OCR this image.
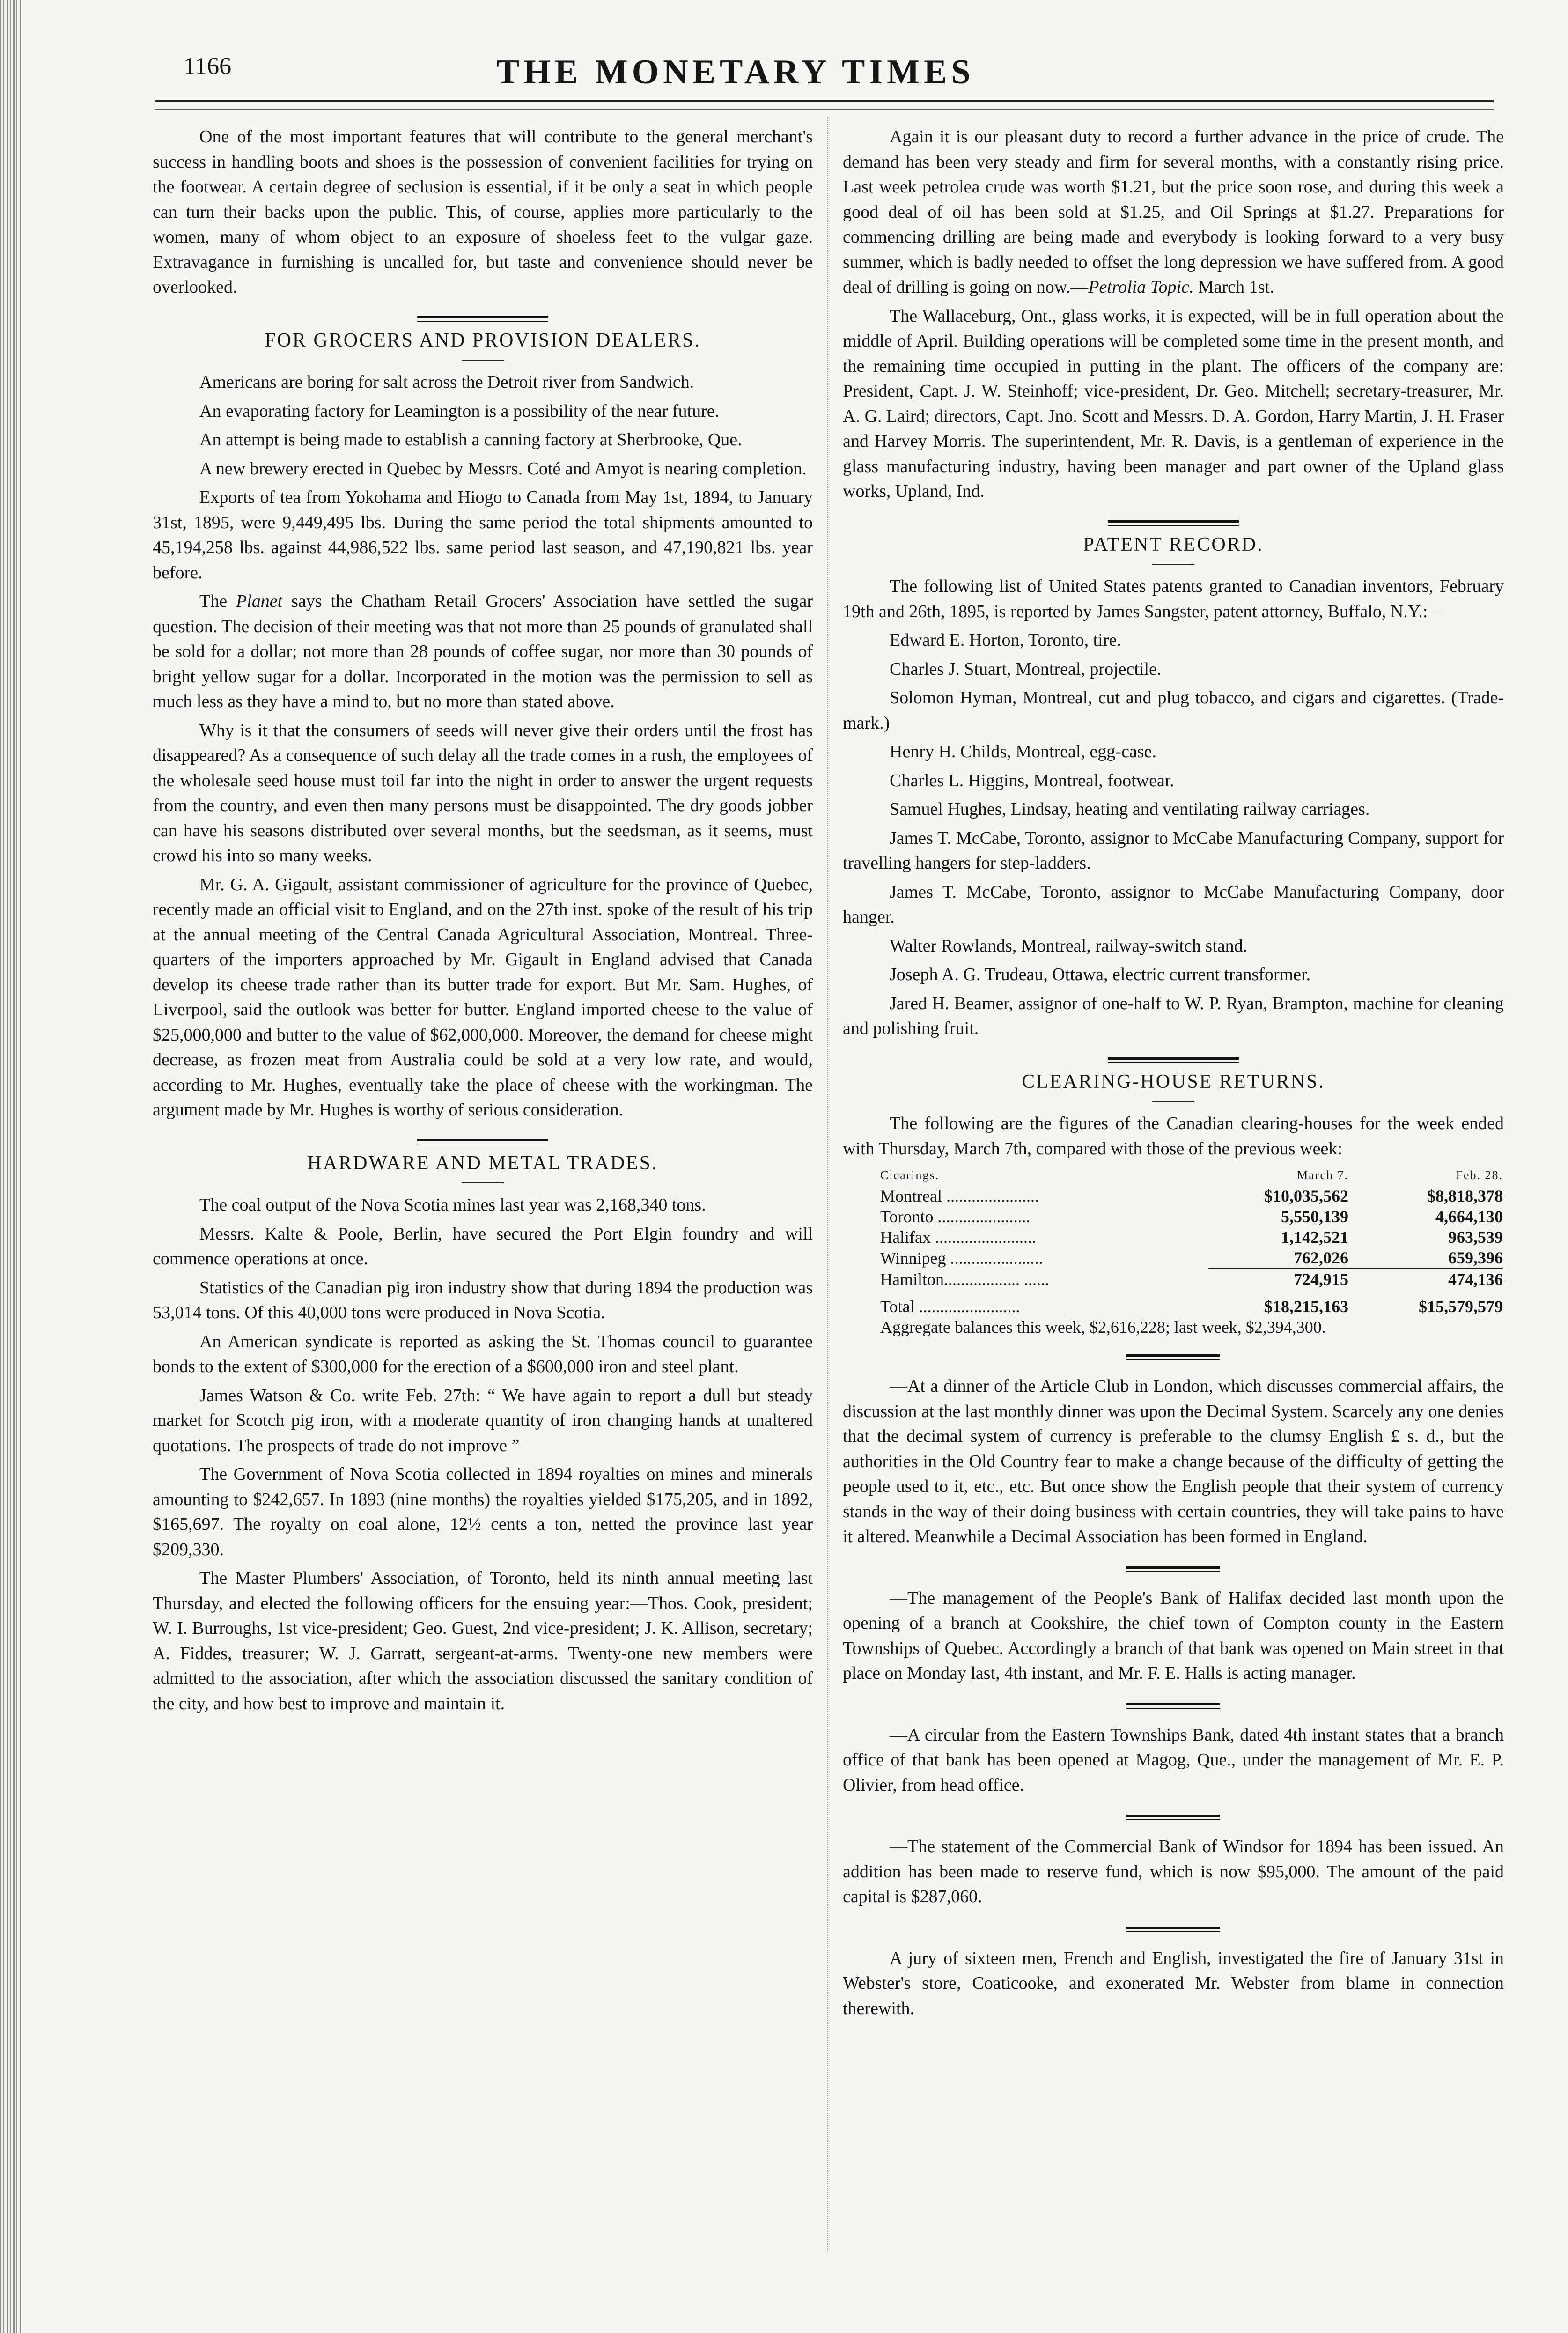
1166	THE MONETARY TIMES

One of the most important features that will contribute to the general merchant's success in handling boots and shoes is the possession of convenient facilities for trying on the footwear. A certain degree of seclusion is essential, if it be only a seat in which people can turn their backs upon the public. This, of course, applies more particularly to the women, many of whom object to an exposure of shoeless feet to the vulgar gaze. Extravagance in furnishing is uncalled for, but taste and convenience should never be overlooked.

FOR GROCERS AND PROVISION DEALERS.

Americans are boring for salt across the Detroit river from Sandwich.

An evaporating factory for Leamington is a possibility of the near future.

An attempt is being made to establish a canning factory at Sherbrooke, Que.

A new brewery erected in Quebec by Messrs. Coté and Amyot is nearing completion.

Exports of tea from Yokohama and Hiogo to Canada from May 1st, 1894, to January 31st, 1895, were 9,449,495 lbs. During the same period the total shipments amounted to 45,194,258 lbs. against 44,986,522 lbs. same period last season, and 47,190,821 lbs. year before.

The Planet says the Chatham Retail Grocers' Association have settled the sugar question. The decision of their meeting was that not more than 25 pounds of granulated shall be sold for a dollar; not more than 28 pounds of coffee sugar, nor more than 30 pounds of bright yellow sugar for a dollar. Incorporated in the motion was the permission to sell as much less as they have a mind to, but no more than stated above.

Why is it that the consumers of seeds will never give their orders until the frost has disappeared? As a consequence of such delay all the trade comes in a rush, the employees of the wholesale seed house must toil far into the night in order to answer the urgent requests from the country, and even then many persons must be disappointed. The dry goods jobber can have his seasons distributed over several months, but the seedsman, as it seems, must crowd his into so many weeks.

Mr. G. A. Gigault, assistant commissioner of agriculture for the province of Quebec, recently made an official visit to England, and on the 27th inst. spoke of the result of his trip at the annual meeting of the Central Canada Agricultural Association, Montreal. Three-quarters of the importers approached by Mr. Gigault in England advised that Canada develop its cheese trade rather than its butter trade for export. But Mr. Sam. Hughes, of Liverpool, said the outlook was better for butter. England imported cheese to the value of $25,000,000 and butter to the value of $62,000,000. Moreover, the demand for cheese might decrease, as frozen meat from Australia could be sold at a very low rate, and would, according to Mr. Hughes, eventually take the place of cheese with the workingman. The argument made by Mr. Hughes is worthy of serious consideration.

HARDWARE AND METAL TRADES.

The coal output of the Nova Scotia mines last year was 2,168,340 tons.

Messrs. Kalte & Poole, Berlin, have secured the Port Elgin foundry and will commence operations at once.

Statistics of the Canadian pig iron industry show that during 1894 the production was 53,014 tons. Of this 40,000 tons were produced in Nova Scotia.

An American syndicate is reported as asking the St. Thomas council to guarantee bonds to the extent of $300,000 for the erection of a $600,000 iron and steel plant.

James Watson & Co. write Feb. 27th: “ We have again to report a dull but steady market for Scotch pig iron, with a moderate quantity of iron changing hands at unaltered quotations. The prospects of trade do not improve ”

The Government of Nova Scotia collected in 1894 royalties on mines and minerals amounting to $242,657. In 1893 (nine months) the royalties yielded $175,205, and in 1892, $165,697. The royalty on coal alone, 12½ cents a ton, netted the province last year $209,330.

The Master Plumbers' Association, of Toronto, held its ninth annual meeting last Thursday, and elected the following officers for the ensuing year:—Thos. Cook, president; W. I. Burroughs, 1st vice-president; Geo. Guest, 2nd vice-president; J. K. Allison, secretary; A. Fiddes, treasurer; W. J. Garratt, sergeant-at-arms. Twenty-one new members were admitted to the association, after which the association discussed the sanitary condition of the city, and how best to improve and maintain it.

Again it is our pleasant duty to record a further advance in the price of crude. The demand has been very steady and firm for several months, with a constantly rising price. Last week petrolea crude was worth $1.21, but the price soon rose, and during this week a good deal of oil has been sold at $1.25, and Oil Springs at $1.27. Preparations for commencing drilling are being made and everybody is looking forward to a very busy summer, which is badly needed to offset the long depression we have suffered from. A good deal of drilling is going on now.—Petrolia Topic. March 1st.

The Wallaceburg, Ont., glass works, it is expected, will be in full operation about the middle of April. Building operations will be completed some time in the present month, and the remaining time occupied in putting in the plant. The officers of the company are: President, Capt. J. W. Steinhoff; vice-president, Dr. Geo. Mitchell; secretary-treasurer, Mr. A. G. Laird; directors, Capt. Jno. Scott and Messrs. D. A. Gordon, Harry Martin, J. H. Fraser and Harvey Morris. The superintendent, Mr. R. Davis, is a gentleman of experience in the glass manufacturing industry, having been manager and part owner of the Upland glass works, Upland, Ind.

PATENT RECORD.

The following list of United States patents granted to Canadian inventors, February 19th and 26th, 1895, is reported by James Sangster, patent attorney, Buffalo, N.Y.:—

Edward E. Horton, Toronto, tire.

Charles J. Stuart, Montreal, projectile.

Solomon Hyman, Montreal, cut and plug tobacco, and cigars and cigarettes. (Trade-mark.)

Henry H. Childs, Montreal, egg-case.

Charles L. Higgins, Montreal, footwear.

Samuel Hughes, Lindsay, heating and ventilating railway carriages.

James T. McCabe, Toronto, assignor to McCabe Manufacturing Company, support for travelling hangers for step-ladders.

James T. McCabe, Toronto, assignor to McCabe Manufacturing Company, door hanger.

Walter Rowlands, Montreal, railway-switch stand.

Joseph A. G. Trudeau, Ottawa, electric current transformer.

Jared H. Beamer, assignor of one-half to W. P. Ryan, Brampton, machine for cleaning and polishing fruit.

CLEARING-HOUSE RETURNS.

The following are the figures of the Canadian clearing-houses for the week ended with Thursday, March 7th, compared with those of the previous week:

Clearings.	March 7.	Feb. 28.
Montreal ......................	$10,035,562	$8,818,378
Toronto ......................	5,550,139	4,664,130
Halifax ........................	1,142,521	963,539
Winnipeg ......................	762,026	659,396
Hamilton.................. ......	724,915	474,136
Total ........................	$18,215,163	$15,579,579
Aggregate balances this week, $2,616,228; last week, $2,394,300.

—At a dinner of the Article Club in London, which discusses commercial affairs, the discussion at the last monthly dinner was upon the Decimal System. Scarcely any one denies that the decimal system of currency is preferable to the clumsy English £ s. d., but the authorities in the Old Country fear to make a change because of the difficulty of getting the people used to it, etc., etc. But once show the English people that their system of currency stands in the way of their doing business with certain countries, they will take pains to have it altered. Meanwhile a Decimal Association has been formed in England.

—The management of the People's Bank of Halifax decided last month upon the opening of a branch at Cookshire, the chief town of Compton county in the Eastern Townships of Quebec. Accordingly a branch of that bank was opened on Main street in that place on Monday last, 4th instant, and Mr. F. E. Halls is acting manager.

—A circular from the Eastern Townships Bank, dated 4th instant states that a branch office of that bank has been opened at Magog, Que., under the management of Mr. E. P. Olivier, from head office.

—The statement of the Commercial Bank of Windsor for 1894 has been issued. An addition has been made to reserve fund, which is now $95,000. The amount of the paid capital is $287,060.

A jury of sixteen men, French and English, investigated the fire of January 31st in Webster's store, Coaticooke, and exonerated Mr. Webster from blame in connection therewith.
